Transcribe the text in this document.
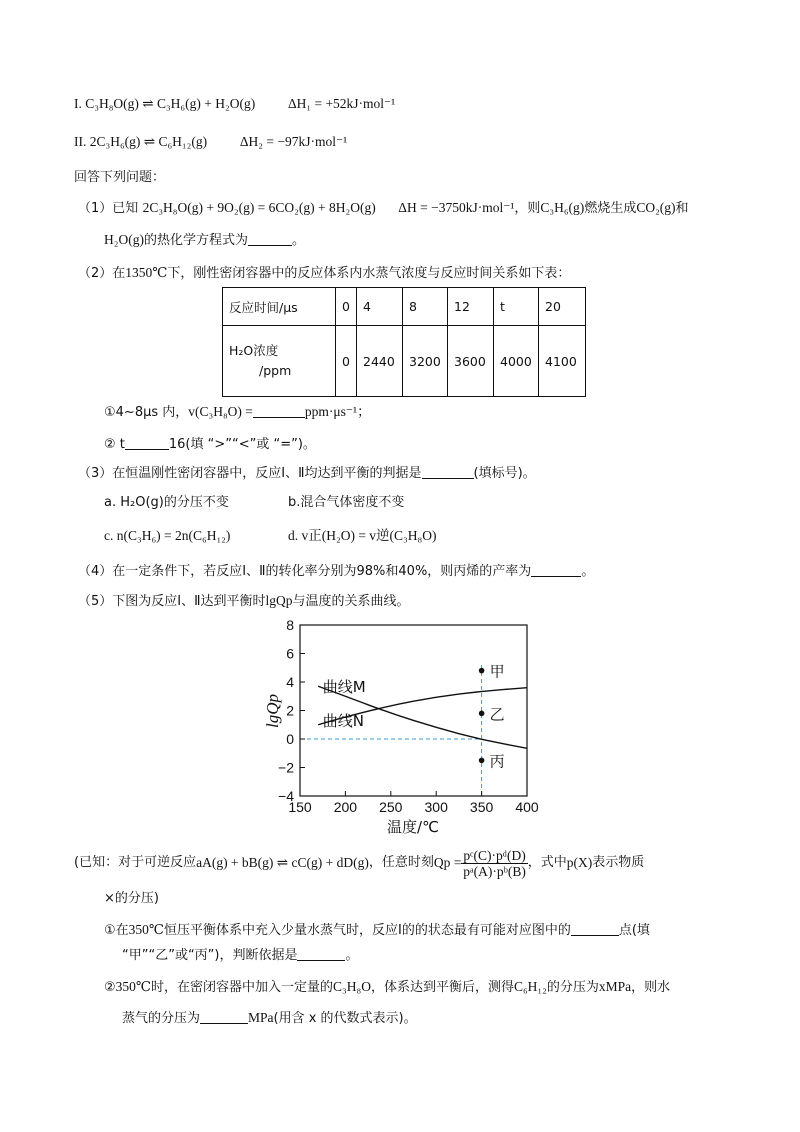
I. C₃H₈O(g) ⇌ C₃H₆(g) + H₂O(g) ΔH₁ = +52kJ·mol⁻¹
II. 2C₃H₆(g) ⇌ C₆H₁₂(g) ΔH₂ = −97kJ·mol⁻¹
回答下列问题：
（1）已知 2C₃H₈O(g) + 9O₂(g) = 6CO₂(g) + 8H₂O(g) ΔH = −3750kJ·mol⁻¹，则C₃H₆(g)燃烧生成CO₂(g)和
H₂O(g)的热化学方程式为	。
（2）在1350℃下，刚性密闭容器中的反应体系内水蒸气浓度与反应时间关系如下表：
反应时间/μs	0	4	8	12	t	20

H₂O浓度
/ppm	0	2440	3200	3600	4000	4100
①4~8μs 内，v(C₃H₈O) =	ppm·μs⁻¹；
② t	16(填 “>”“<”或 “=”)。
（3）在恒温刚性密闭容器中，反应Ⅰ、Ⅱ均达到平衡的判据是	(填标号)。
a. H₂O(g)的分压不变	b.混合气体密度不变
c. n(C₃H₆) = 2n(C₆H₁₂)	d. v正(H₂O) = v逆(C₃H₈O)
（4）在一定条件下，若反应Ⅰ、Ⅱ的转化率分别为98%和40%，则丙烯的产率为	。
（5）下图为反应Ⅰ、Ⅱ达到平衡时lgQp与温度的关系曲线。
曲线M
曲线N
甲
乙
丙
150 200 250 300 350 400
−4
−2
0
2
4
6
8
温度/℃
lgQp
(已知：对于可逆反应 aA(g) + bB(g) ⇌ cC(g) + dD(g) ，任意时刻 $Qp = \frac{\text{pᶜ(C)·pᵈ(D)}}{\text{pᵃ(A)·pᵇ(B)}}$ ，式中 p(X) 表示物质
×的分压)
①在350℃恒压平衡体系中充入少量水蒸气时，反应Ⅰ的的状态最有可能对应图中的	点(填
“甲”“乙”或“丙”)，判断依据是	。
②350℃时，在密闭容器中加入一定量的C₃H₈O，体系达到平衡后，测得C₆H₁₂的分压为xMPa，则水
蒸气的分压为	MPa(用含 x 的代数式表示)。
